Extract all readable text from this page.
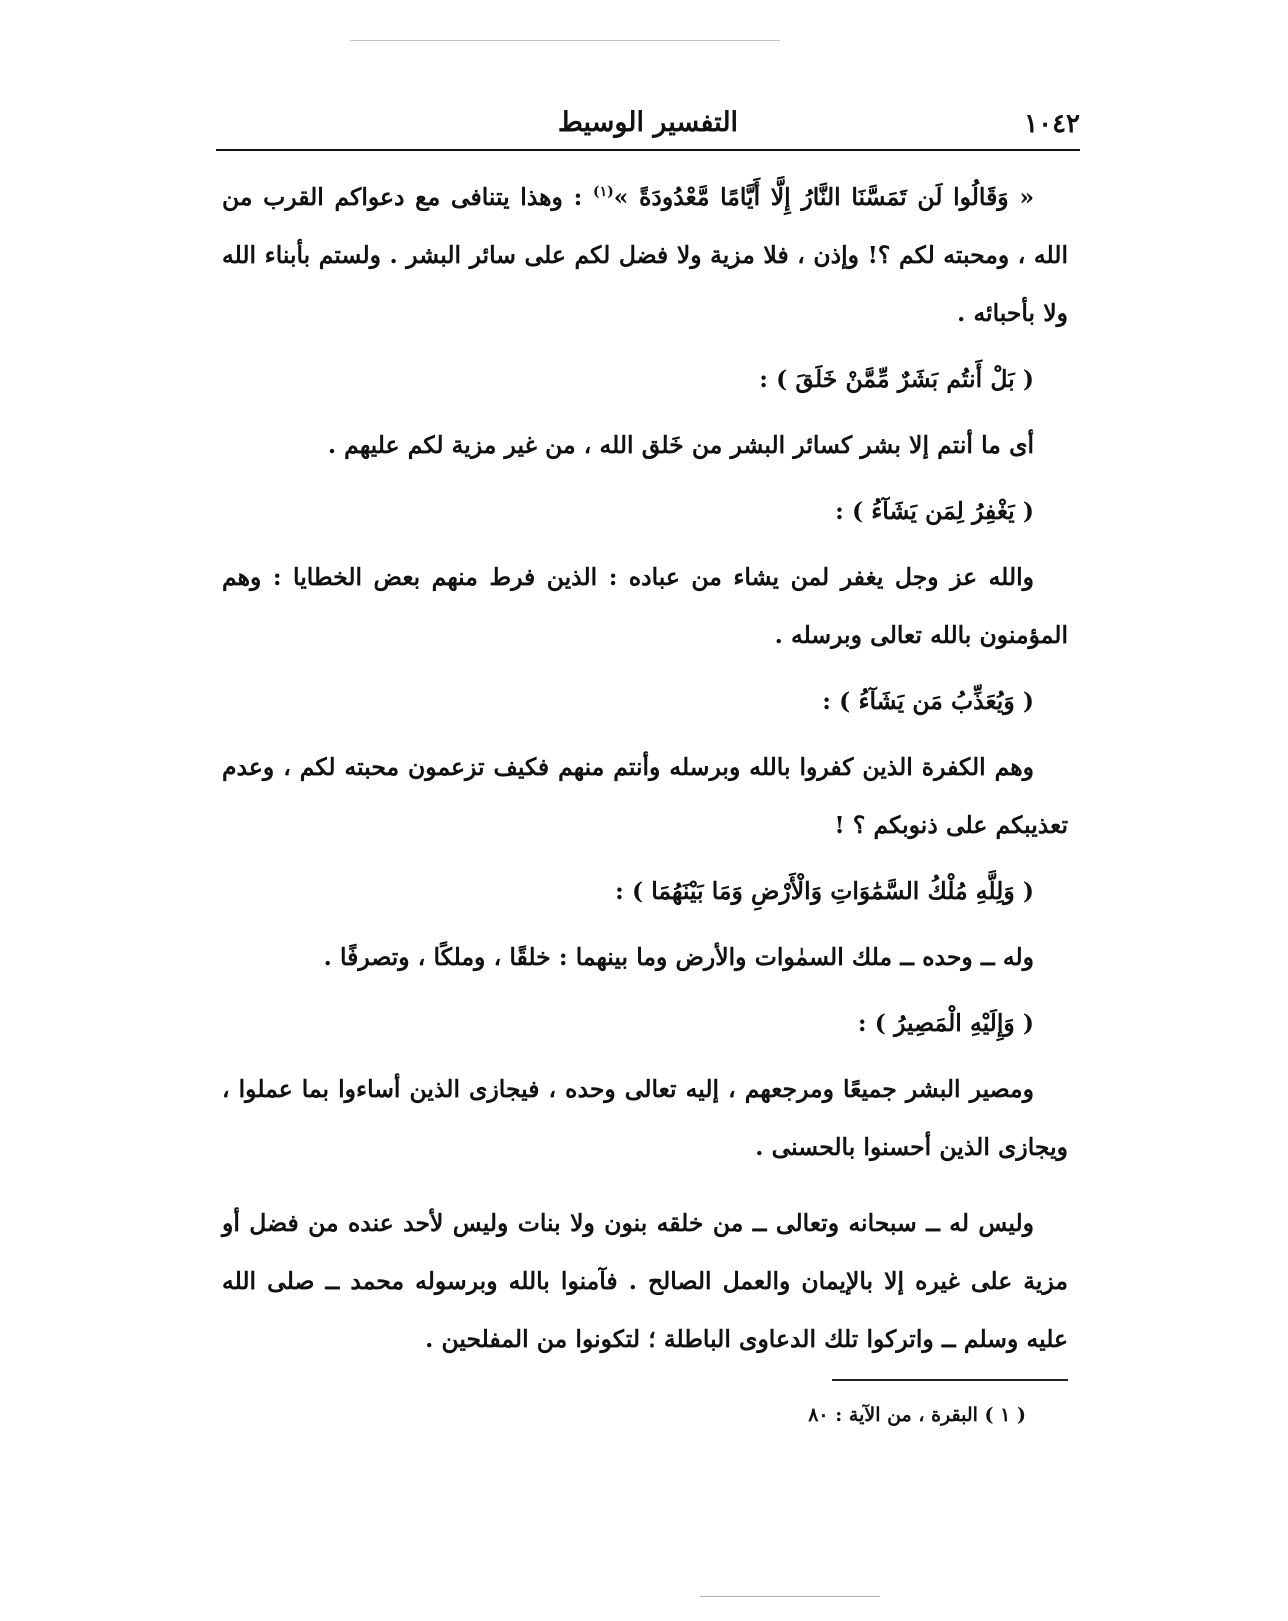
١٠٤٢
التفسير الوسيط

« وَقَالُوا لَن تَمَسَّنَا النَّارُ إِلَّا أَيَّامًا مَّعْدُودَةً »$^{(١)}$ : وهذا يتنافى مع دعواكم القرب من الله ، ومحبته لكم ؟! وإذن ، فلا مزية ولا فضل لكم على سائر البشر . ولستم بأبناء الله ولا بأحبائه .

( بَلْ أَنتُم بَشَرٌ مِّمَّنْ خَلَقَ ) :

أى ما أنتم إلا بشر كسائر البشر من خَلق الله ، من غير مزية لكم عليهم .

( يَغْفِرُ لِمَن يَشَآءُ ) :

والله عز وجل يغفر لمن يشاء من عباده : الذين فرط منهم بعض الخطايا : وهم المؤمنون بالله تعالى وبرسله .

( وَيُعَذِّبُ مَن يَشَآءُ ) :

وهم الكفرة الذين كفروا بالله وبرسله وأنتم منهم فكيف تزعمون محبته لكم ، وعدم تعذيبكم على ذنوبكم ؟ !

( وَلِلَّهِ مُلْكُ السَّمَٰوَاتِ وَالْأَرْضِ وَمَا بَيْنَهُمَا ) :

وله ــ وحده ــ ملك السمٰوات والأرض وما بينهما : خلقًا ، وملكًا ، وتصرفًا .

( وَإِلَيْهِ الْمَصِيرُ ) :

ومصير البشر جميعًا ومرجعهم ، إليه تعالى وحده ، فيجازى الذين أساءوا بما عملوا ، ويجازى الذين أحسنوا بالحسنى .

وليس له ــ سبحانه وتعالى ــ من خلقه بنون ولا بنات وليس لأحد عنده من فضل أو مزية على غيره إلا بالإيمان والعمل الصالح . فآمنوا بالله وبرسوله محمد ــ صلى الله عليه وسلم ــ واتركوا تلك الدعاوى الباطلة ؛ لتكونوا من المفلحين .

( ١ ) البقرة ، من الآية : ٨٠
